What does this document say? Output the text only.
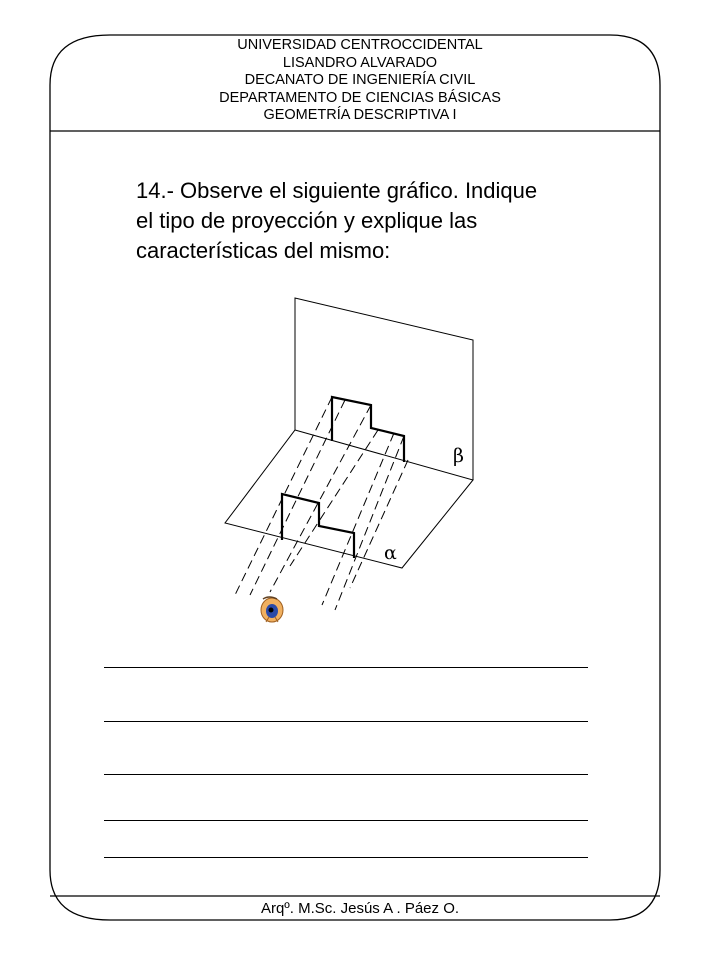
UNIVERSIDAD CENTROCCIDENTAL
LISANDRO ALVARADO
DECANATO DE INGENIERÍA CIVIL
DEPARTAMENTO DE CIENCIAS BÁSICAS
GEOMETRÍA DESCRIPTIVA I
14.- Observe el siguiente gráfico. Indique
el tipo de proyección y explique las
características del mismo:
β
α
Arqº. M.Sc. Jesús A . Páez O.
